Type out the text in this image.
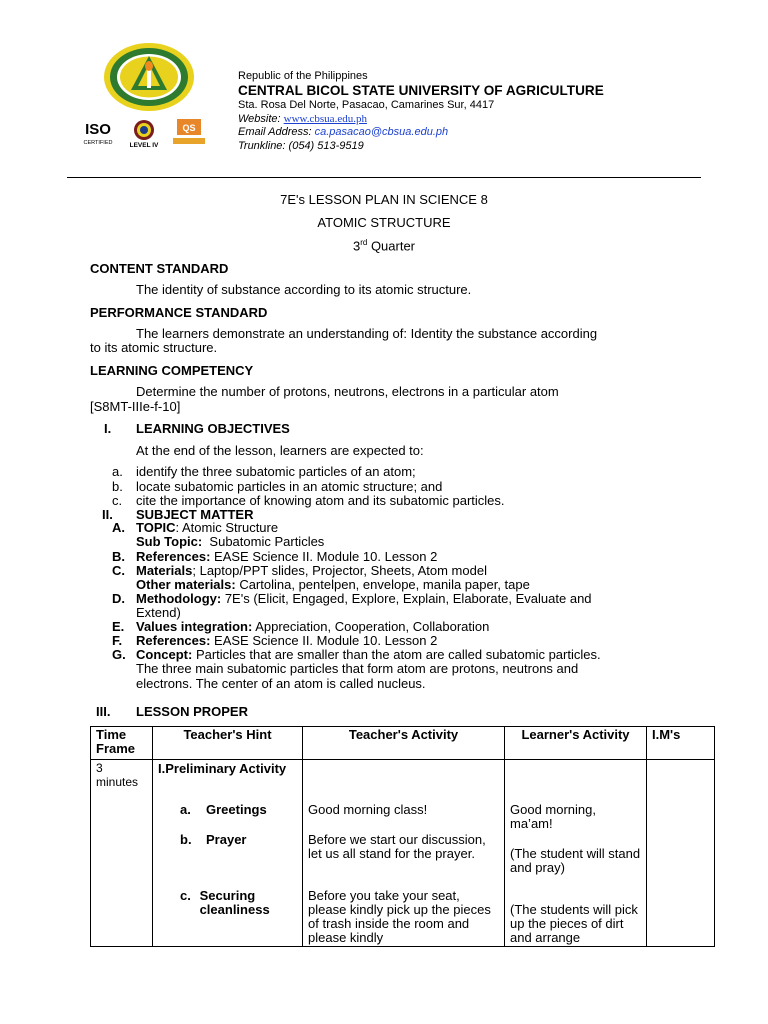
ISO
CERTIFIED	LEVEL IV
QS
Republic of the Philippines
CENTRAL BICOL STATE UNIVERSITY OF AGRICULTURE
Sta. Rosa Del Norte, Pasacao, Camarines Sur, 4417
Website: www.cbsua.edu.ph
Email Address: ca.pasacao@cbsua.edu.ph
Trunkline: (054) 513-9519
7E's LESSON PLAN IN SCIENCE 8
ATOMIC STRUCTURE
3rd Quarter
CONTENT STANDARD
The identity of substance according to its atomic structure.
PERFORMANCE STANDARD
The learners demonstrate an understanding of: Identity the substance according
to its atomic structure.
LEARNING COMPETENCY
Determine the number of protons, neutrons, electrons in a particular atom
[S8MT-IIIe-f-10]
I. LEARNING OBJECTIVES
At the end of the lesson, learners are expected to:
a. identify the three subatomic particles of an atom;
b. locate subatomic particles in an atomic structure; and
c. cite the importance of knowing atom and its subatomic particles.
II. SUBJECT MATTER
A. TOPIC: Atomic Structure
Sub Topic:  Subatomic Particles
B. References: EASE Science II. Module 10. Lesson 2
C. Materials; Laptop/PPT slides, Projector, Sheets, Atom model
Other materials: Cartolina, pentelpen, envelope, manila paper, tape
D. Methodology: 7E's (Elicit, Engaged, Explore, Explain, Elaborate, Evaluate and
Extend)
E. Values integration: Appreciation, Cooperation, Collaboration
F. References: EASE Science II. Module 10. Lesson 2
G. Concept: Particles that are smaller than the atom are called subatomic particles.
The three main subatomic particles that form atom are protons, neutrons and
electrons. The center of an atom is called nucleus.
III. LESSON PROPER
Time Frame	Teacher's Hint	Teacher's Activity	Learner's Activity	I.M's
3 minutes	I.Preliminary Activity			

	a. Greetings	Good morning class!	Good morning, ma’am!	

	b. Prayer	Before we start our discussion, let us all stand for the prayer.	(The student will stand and pray)	

	c. Securing cleanliness	Before you take your seat, please kindly pick up the pieces of trash inside the room and please kindly	(The students will pick up the pieces of dirt and arrange	
